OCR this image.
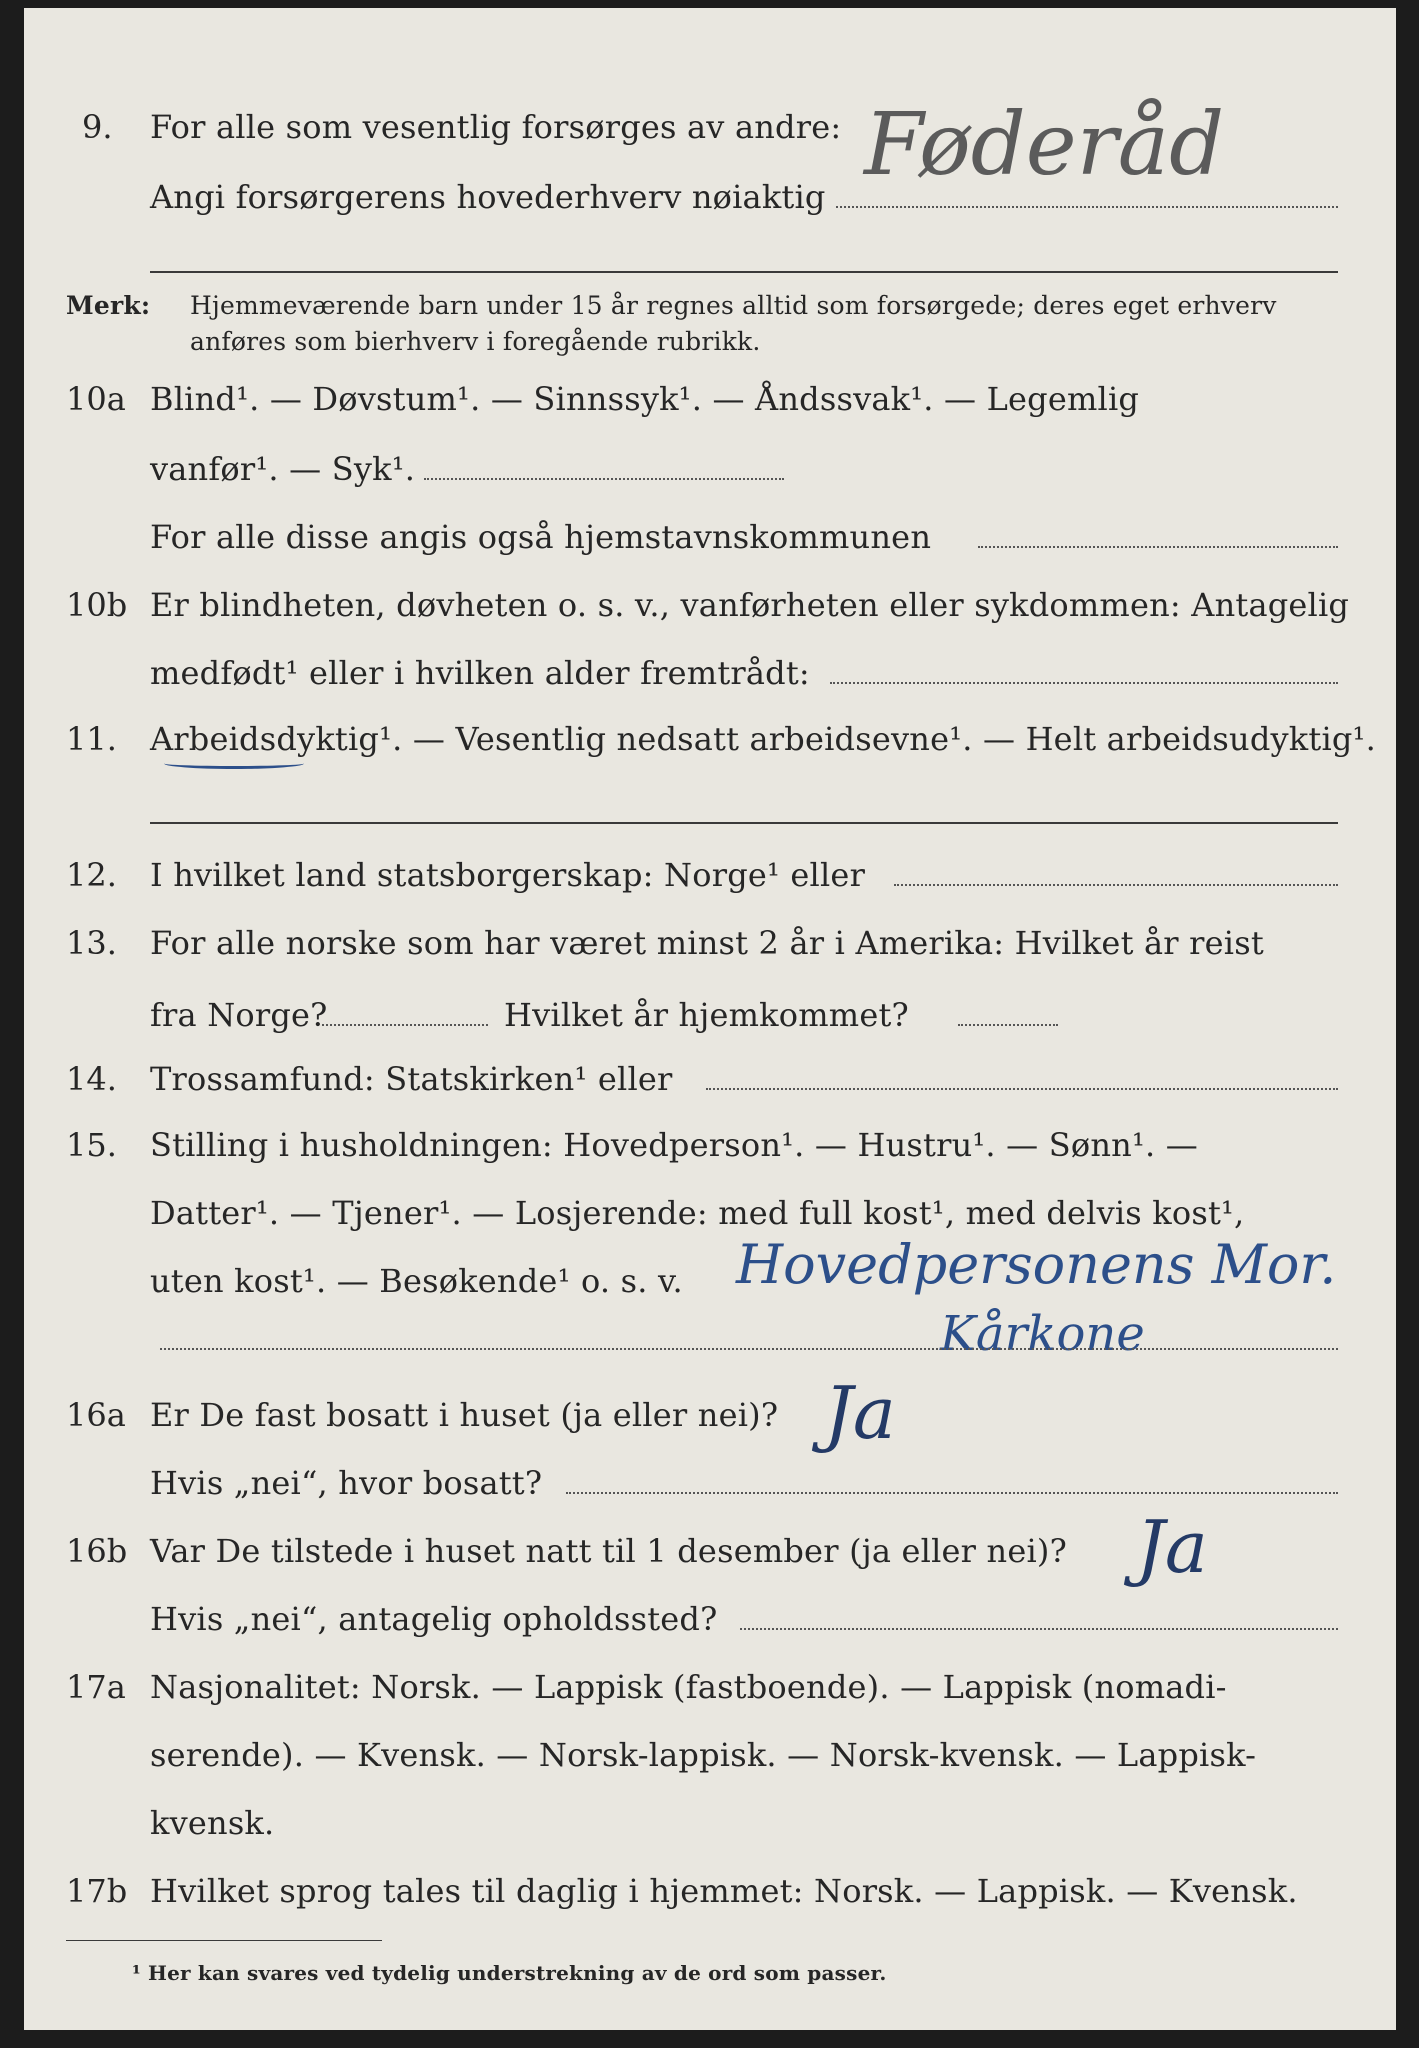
9. For alle som vesentlig forsørges av andre:
Angi forsørgerens hovederhverv nøiaktig
Føderåd
Merk: Hjemmeværende barn under 15 år regnes alltid som forsørgede; deres eget erhverv
anføres som bierhverv i foregående rubrikk.
10a Blind¹. — Døvstum¹. — Sinnssyk¹. — Åndssvak¹. — Legemlig
vanfør¹. — Syk¹.
For alle disse angis også hjemstavnskommunen
10b Er blindheten, døvheten o. s. v., vanførheten eller sykdommen: Antagelig
medfødt¹ eller i hvilken alder fremtrådt:
11. Arbeidsdyktig¹. — Vesentlig nedsatt arbeidsevne¹. — Helt arbeidsudyktig¹.
12. I hvilket land statsborgerskap: Norge¹ eller
13. For alle norske som har været minst 2 år i Amerika: Hvilket år reist
fra Norge?	Hvilket år hjemkommet?
14. Trossamfund: Statskirken¹ eller
15. Stilling i husholdningen: Hovedperson¹. — Hustru¹. — Sønn¹. —
Datter¹. — Tjener¹. — Losjerende: med full kost¹, med delvis kost¹,
uten kost¹. — Besøkende¹ o. s. v. Hovedpersonens Mor.
Kårkone
16a Er De fast bosatt i huset (ja eller nei)? Ja
Hvis „nei“, hvor bosatt?
16b Var De tilstede i huset natt til 1 desember (ja eller nei)? Ja
Hvis „nei“, antagelig opholdssted?
17a Nasjonalitet: Norsk. — Lappisk (fastboende). — Lappisk (nomadi-
serende). — Kvensk. — Norsk-lappisk. — Norsk-kvensk. — Lappisk-
kvensk.
17b Hvilket sprog tales til daglig i hjemmet: Norsk. — Lappisk. — Kvensk.
¹ Her kan svares ved tydelig understrekning av de ord som passer.
